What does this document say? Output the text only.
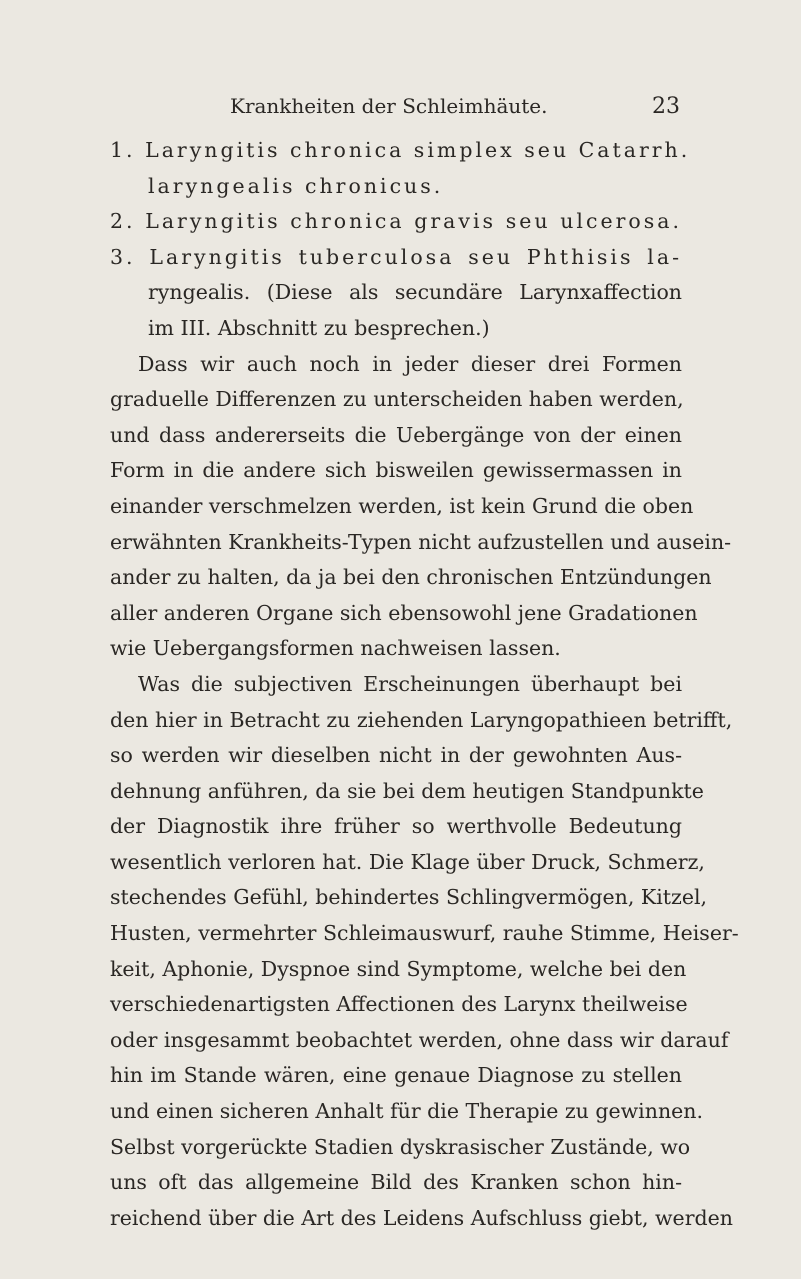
Krankheiten der Schleimhäute.	23
1. Laryngitis chronica simplex seu Catarrh.
laryngealis chronicus.
2. Laryngitis chronica gravis seu ulcerosa.
3. Laryngitis tuberculosa seu Phthisis la-
ryngealis. (Diese als secundäre Larynxaffection
im III. Abschnitt zu besprechen.)
Dass wir auch noch in jeder dieser drei Formen
graduelle Differenzen zu unterscheiden haben werden,
und dass andererseits die Uebergänge von der einen
Form in die andere sich bisweilen gewissermassen in
einander verschmelzen werden, ist kein Grund die oben
erwähnten Krankheits-Typen nicht aufzustellen und ausein-
ander zu halten, da ja bei den chronischen Entzündungen
aller anderen Organe sich ebensowohl jene Gradationen
wie Uebergangsformen nachweisen lassen.
Was die subjectiven Erscheinungen überhaupt bei
den hier in Betracht zu ziehenden Laryngopathieen betrifft,
so werden wir dieselben nicht in der gewohnten Aus-
dehnung anführen, da sie bei dem heutigen Standpunkte
der Diagnostik ihre früher so werthvolle Bedeutung
wesentlich verloren hat. Die Klage über Druck, Schmerz,
stechendes Gefühl, behindertes Schlingvermögen, Kitzel,
Husten, vermehrter Schleimauswurf, rauhe Stimme, Heiser-
keit, Aphonie, Dyspnoe sind Symptome, welche bei den
verschiedenartigsten Affectionen des Larynx theilweise
oder insgesammt beobachtet werden, ohne dass wir darauf
hin im Stande wären, eine genaue Diagnose zu stellen
und einen sicheren Anhalt für die Therapie zu gewinnen.
Selbst vorgerückte Stadien dyskrasischer Zustände, wo
uns oft das allgemeine Bild des Kranken schon hin-
reichend über die Art des Leidens Aufschluss giebt, werden
